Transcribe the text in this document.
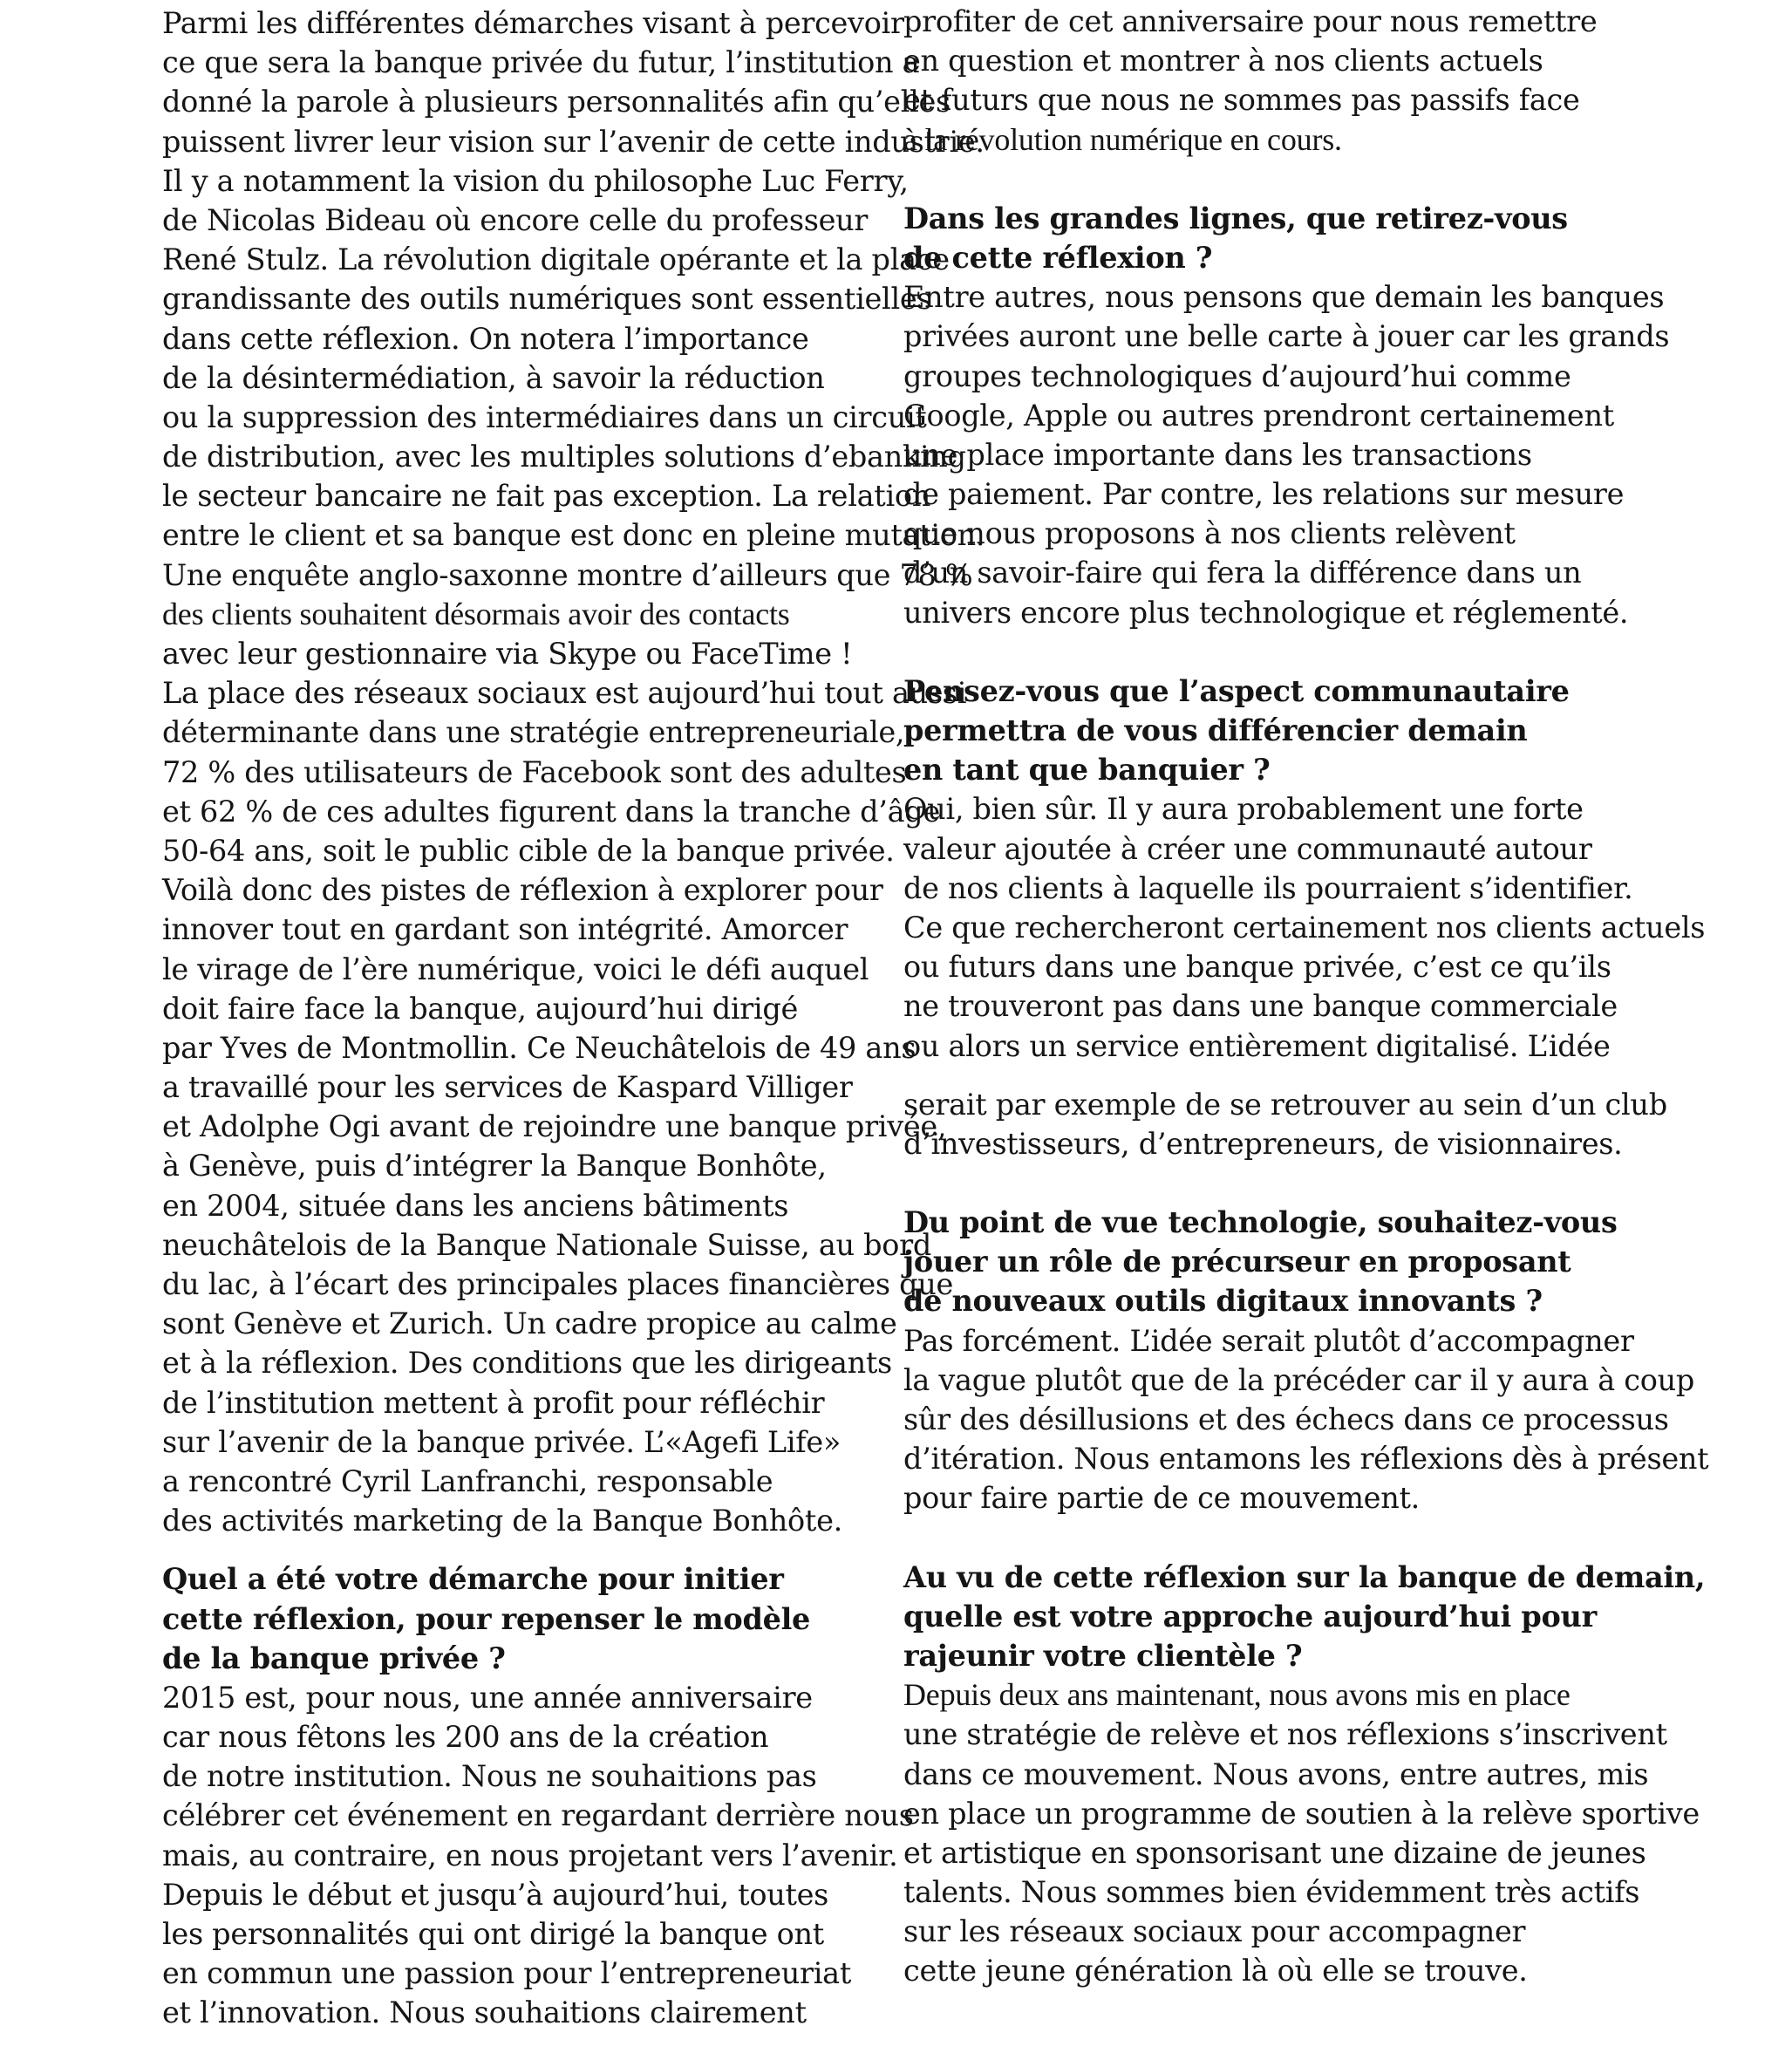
Parmi les différentes démarches visant à percevoir
ce que sera la banque privée du futur, l’institution a
donné la parole à plusieurs personnalités afin qu’elles
puissent livrer leur vision sur l’avenir de cette industrie.
Il y a notamment la vision du philosophe Luc Ferry,
de Nicolas Bideau où encore celle du professeur
René Stulz. La révolution digitale opérante et la place
grandissante des outils numériques sont essentielles
dans cette réflexion. On notera l’importance
de la désintermédiation, à savoir la réduction
ou la suppression des intermédiaires dans un circuit
de distribution, avec les multiples solutions d’ebanking
le secteur bancaire ne fait pas exception. La relation
entre le client et sa banque est donc en pleine mutation.
Une enquête anglo-saxonne montre d’ailleurs que 78 %
des clients souhaitent désormais avoir des contacts
avec leur gestionnaire via Skype ou FaceTime !
La place des réseaux sociaux est aujourd’hui tout aussi
déterminante dans une stratégie entrepreneuriale,
72 % des utilisateurs de Facebook sont des adultes
et 62 % de ces adultes figurent dans la tranche d’âge
50-64 ans, soit le public cible de la banque privée.
Voilà donc des pistes de réflexion à explorer pour
innover tout en gardant son intégrité. Amorcer
le virage de l’ère numérique, voici le défi auquel
doit faire face la banque, aujourd’hui dirigé
par Yves de Montmollin. Ce Neuchâtelois de 49 ans
a travaillé pour les services de Kaspard Villiger
et Adolphe Ogi avant de rejoindre une banque privée,
à Genève, puis d’intégrer la Banque Bonhôte,
en 2004, située dans les anciens bâtiments
neuchâtelois de la Banque Nationale Suisse, au bord
du lac, à l’écart des principales places financières que
sont Genève et Zurich. Un cadre propice au calme
et à la réflexion. Des conditions que les dirigeants
de l’institution mettent à profit pour réfléchir
sur l’avenir de la banque privée. L’«Agefi Life»
a rencontré Cyril Lanfranchi, responsable
des activités marketing de la Banque Bonhôte.
Quel a été votre démarche pour initier
cette réflexion, pour repenser le modèle
de la banque privée ?
2015 est, pour nous, une année anniversaire
car nous fêtons les 200 ans de la création
de notre institution. Nous ne souhaitions pas
célébrer cet événement en regardant derrière nous
mais, au contraire, en nous projetant vers l’avenir.
Depuis le début et jusqu’à aujourd’hui, toutes
les personnalités qui ont dirigé la banque ont
en commun une passion pour l’entrepreneuriat
et l’innovation. Nous souhaitions clairement
profiter de cet anniversaire pour nous remettre
en question et montrer à nos clients actuels
et futurs que nous ne sommes pas passifs face
à la révolution numérique en cours.
Dans les grandes lignes, que retirez-vous
de cette réflexion ?
Entre autres, nous pensons que demain les banques
privées auront une belle carte à jouer car les grands
groupes technologiques d’aujourd’hui comme
Google, Apple ou autres prendront certainement
une place importante dans les transactions
de paiement. Par contre, les relations sur mesure
que nous proposons à nos clients relèvent
d’un savoir-faire qui fera la différence dans un
univers encore plus technologique et réglementé.
Pensez-vous que l’aspect communautaire
permettra de vous différencier demain
en tant que banquier ?
Oui, bien sûr. Il y aura probablement une forte
valeur ajoutée à créer une communauté autour
de nos clients à laquelle ils pourraient s’identifier.
Ce que rechercheront certainement nos clients actuels
ou futurs dans une banque privée, c’est ce qu’ils
ne trouveront pas dans une banque commerciale
ou alors un service entièrement digitalisé. L’idée
serait par exemple de se retrouver au sein d’un club
d’investisseurs, d’entrepreneurs, de visionnaires.
Du point de vue technologie, souhaitez-vous
jouer un rôle de précurseur en proposant
de nouveaux outils digitaux innovants ?
Pas forcément. L’idée serait plutôt d’accompagner
la vague plutôt que de la précéder car il y aura à coup
sûr des désillusions et des échecs dans ce processus
d’itération. Nous entamons les réflexions dès à présent
pour faire partie de ce mouvement.
Au vu de cette réflexion sur la banque de demain,
quelle est votre approche aujourd’hui pour
rajeunir votre clientèle ?
Depuis deux ans maintenant, nous avons mis en place
une stratégie de relève et nos réflexions s’inscrivent
dans ce mouvement. Nous avons, entre autres, mis
en place un programme de soutien à la relève sportive
et artistique en sponsorisant une dizaine de jeunes
talents. Nous sommes bien évidemment très actifs
sur les réseaux sociaux pour accompagner
cette jeune génération là où elle se trouve.
